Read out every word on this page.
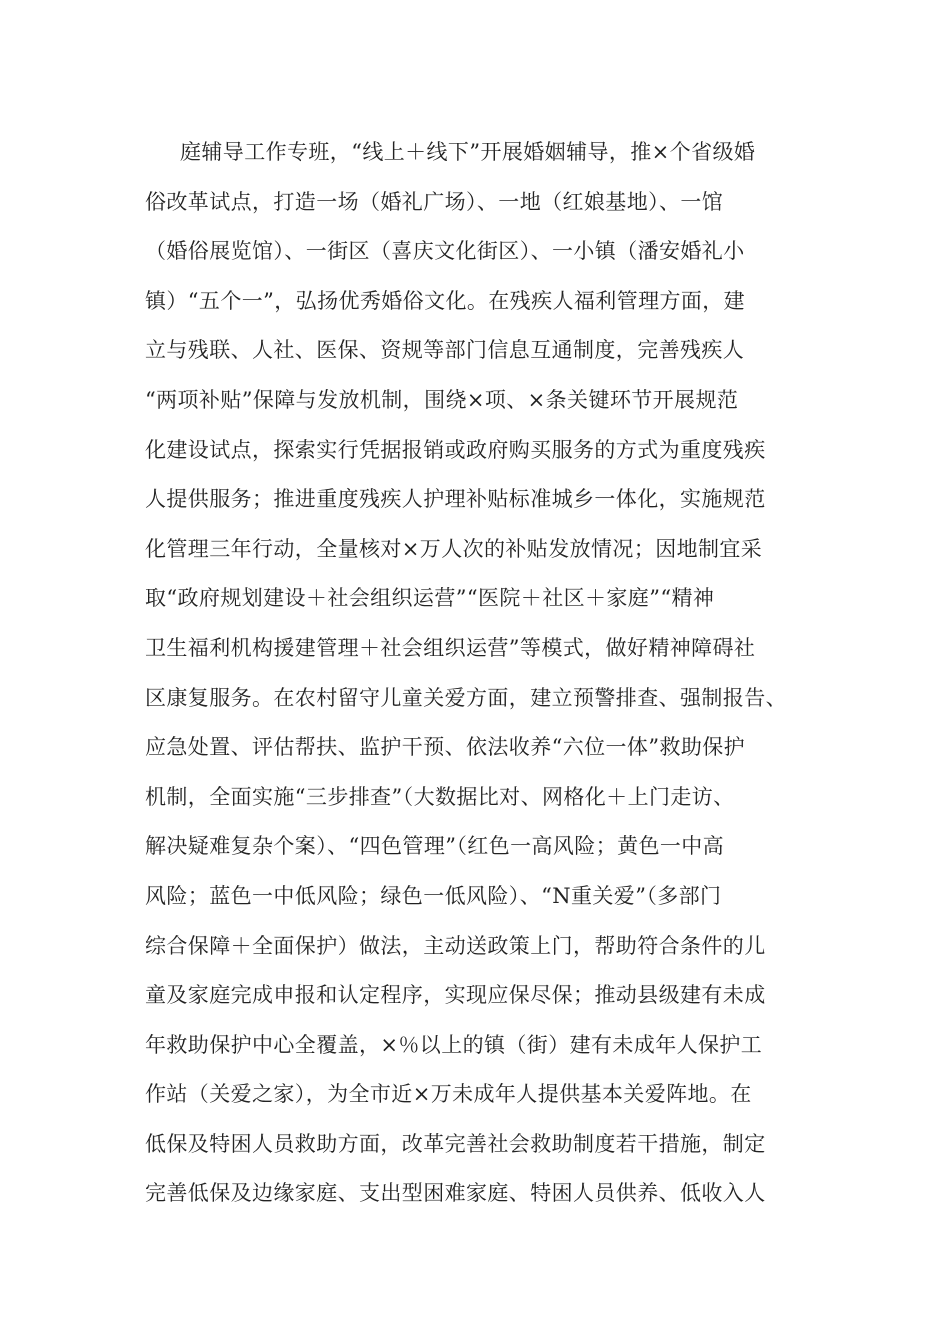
庭辅导工作专班，“线上＋线下”开展婚姻辅导，推×个省级婚
俗改革试点，打造一场（婚礼广场）、一地（红娘基地）、一馆
（婚俗展览馆）、一街区（喜庆文化街区）、一小镇（潘安婚礼小
镇）“五个一”，弘扬优秀婚俗文化。在残疾人福利管理方面，建
立与残联、人社、医保、资规等部门信息互通制度，完善残疾人
“两项补贴”保障与发放机制，围绕×项、×条关键环节开展规范
化建设试点，探索实行凭据报销或政府购买服务的方式为重度残疾
人提供服务；推进重度残疾人护理补贴标准城乡一体化，实施规范
化管理三年行动，全量核对×万人次的补贴发放情况；因地制宜采
取“政府规划建设＋社会组织运营”“医院＋社区＋家庭”“精神
卫生福利机构援建管理＋社会组织运营”等模式，做好精神障碍社
区康复服务。在农村留守儿童关爱方面，建立预警排查、强制报告、
应急处置、评估帮扶、监护干预、依法收养“六位一体”救助保护
机制，全面实施“三步排查”（大数据比对、网格化＋上门走访、
解决疑难复杂个案）、“四色管理”（红色一高风险；黄色一中高
风险；蓝色一中低风险；绿色一低风险）、“N重关爱”（多部门
综合保障＋全面保护）做法，主动送政策上门，帮助符合条件的儿
童及家庭完成申报和认定程序，实现应保尽保；推动县级建有未成
年救助保护中心全覆盖，×％以上的镇（街）建有未成年人保护工
作站（关爱之家），为全市近×万未成年人提供基本关爱阵地。在
低保及特困人员救助方面，改革完善社会救助制度若干措施，制定
完善低保及边缘家庭、支出型困难家庭、特困人员供养、低收入人
